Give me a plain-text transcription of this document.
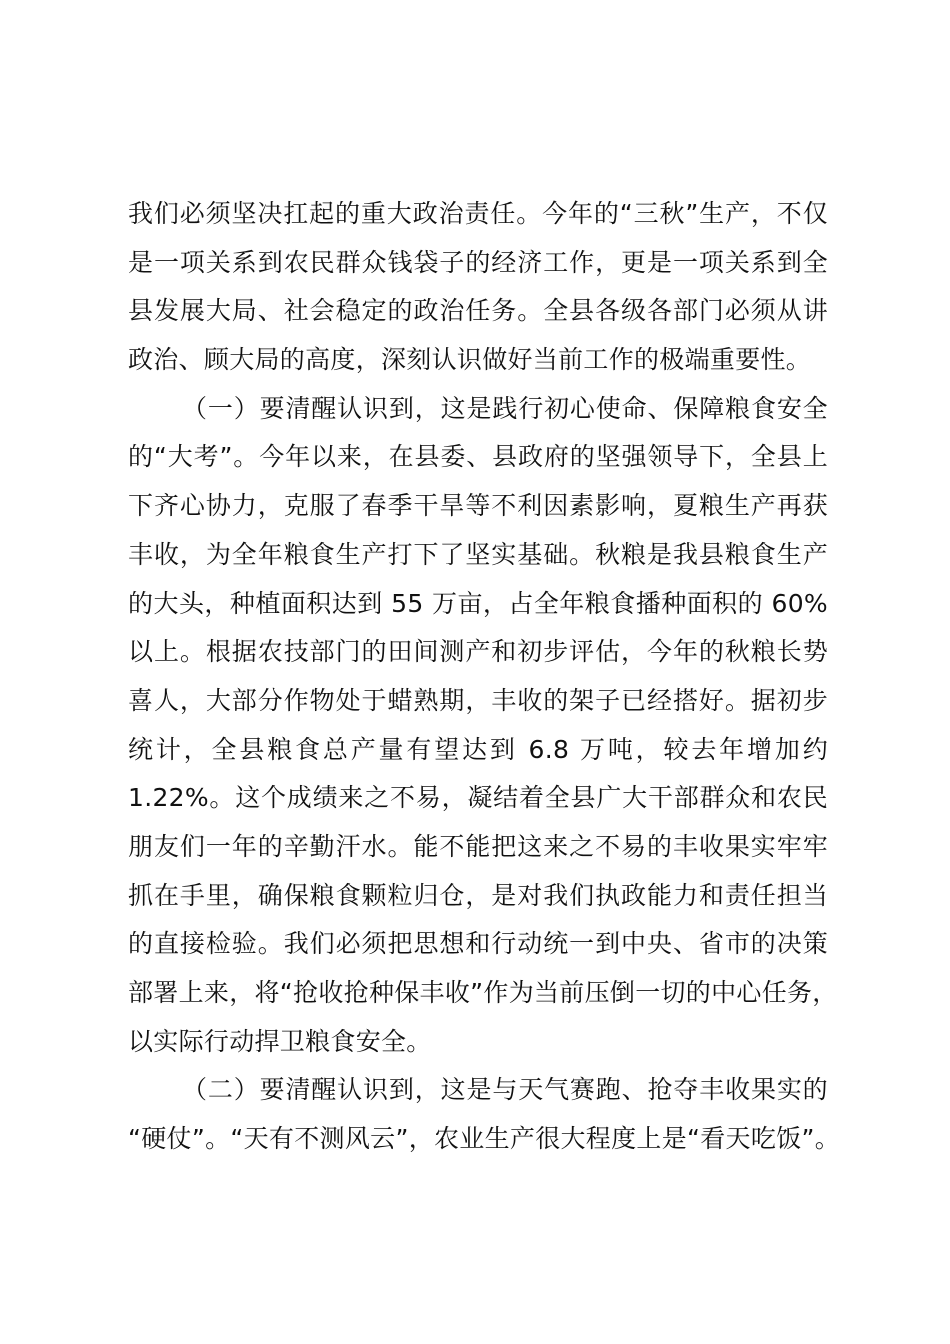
我们必须坚决扛起的重大政治责任。今年的“三秋”生产，不仅
是一项关系到农民群众钱袋子的经济工作，更是一项关系到全
县发展大局、社会稳定的政治任务。全县各级各部门必须从讲
政治、顾大局的高度，深刻认识做好当前工作的极端重要性。
（一）要清醒认识到，这是践行初心使命、保障粮食安全
的“大考”。今年以来，在县委、县政府的坚强领导下，全县上
下齐心协力，克服了春季干旱等不利因素影响，夏粮生产再获
丰收，为全年粮食生产打下了坚实基础。秋粮是我县粮食生产
的大头，种植面积达到 55 万亩，占全年粮食播种面积的 60%
以上。根据农技部门的田间测产和初步评估，今年的秋粮长势
喜人，大部分作物处于蜡熟期，丰收的架子已经搭好。据初步
统计，全县粮食总产量有望达到 6.8 万吨，较去年增加约
1.22%。这个成绩来之不易，凝结着全县广大干部群众和农民
朋友们一年的辛勤汗水。能不能把这来之不易的丰收果实牢牢
抓在手里，确保粮食颗粒归仓，是对我们执政能力和责任担当
的直接检验。我们必须把思想和行动统一到中央、省市的决策
部署上来，将“抢收抢种保丰收”作为当前压倒一切的中心任务，
以实际行动捍卫粮食安全。
（二）要清醒认识到，这是与天气赛跑、抢夺丰收果实的
“硬仗”。“天有不测风云”，农业生产很大程度上是“看天吃饭”。
